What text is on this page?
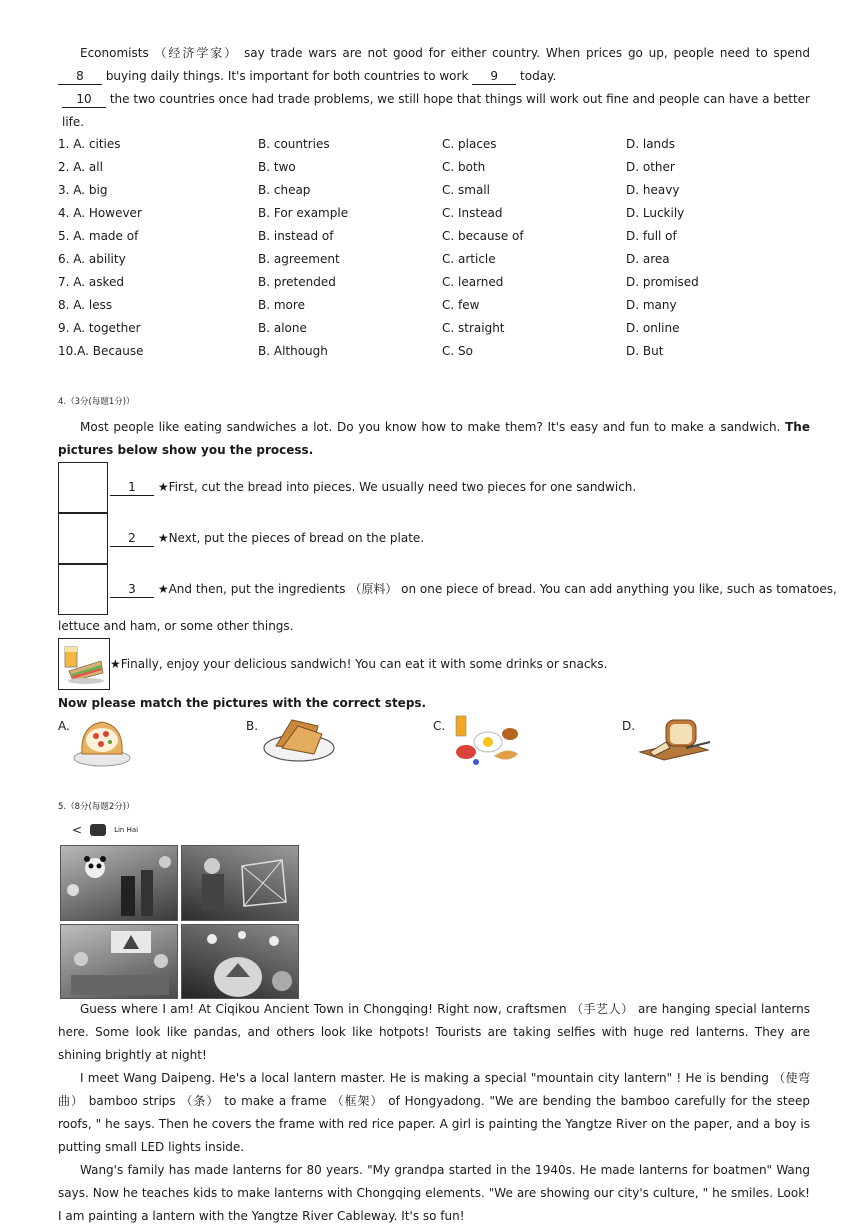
Economists （经济学家） say trade wars are not good for either country. When prices go up, people need to spend 8 buying daily things. It's important for both countries to work 9 today.

10 the two countries once had trade problems, we still hope that things will work out fine and people can have a better life.
1. A. cities	B. countries	C. places	D. lands
2. A. all	B. two	C. both	D. other
3. A. big	B. cheap	C. small	D. heavy
4. A. However	B. For example	C. Instead	D. Luckily
5. A. made of	B. instead of	C. because of	D. full of
6. A. ability	B. agreement	C. article	D. area
7. A. asked	B. pretended	C. learned	D. promised
8. A. less	B. more	C. few	D. many
9. A. together	B. alone	C. straight	D. online
10.A. Because	B. Although	C. So	D. But
4.（3分(每题1分)）

Most people like eating sandwiches a lot. Do you know how to make them? It's easy and fun to make a sandwich. The pictures below show you the process.

1 ★First, cut the bread into pieces. We usually need two pieces for one sandwich.
2 ★Next, put the pieces of bread on the plate.
3 ★And then, put the ingredients （原料） on one piece of bread. You can add anything you like, such as tomatoes,
lettuce and ham, or some other things.
★Finally, enjoy your delicious sandwich! You can eat it with some drinks or snacks.
Now please match the pictures with the correct steps.
A.	B.	C.	D.
5.（8分(每题2分)）
<	Lin Hai

Guess where I am! At Ciqikou Ancient Town in Chongqing! Right now, craftsmen （手艺人） are hanging special lanterns here. Some look like pandas, and others look like hotpots! Tourists are taking selfies with huge red lanterns. They are shining brightly at night!

I meet Wang Daipeng. He's a local lantern master. He is making a special "mountain city lantern" ! He is bending （使弯曲） bamboo strips （条） to make a frame （框架） of Hongyadong. "We are bending the bamboo carefully for the steep roofs, " he says. Then he covers the frame with red rice paper. A girl is painting the Yangtze River on the paper, and a boy is putting small LED lights inside.

Wang's family has made lanterns for 80 years. "My grandpa started in the 1940s. He made lanterns for boatmen" Wang says. Now he teaches kids to make lanterns with Chongqing elements. "We are showing our city's culture, " he smiles. Look! I am painting a lantern with the Yangtze River Cableway. It's so fun!
